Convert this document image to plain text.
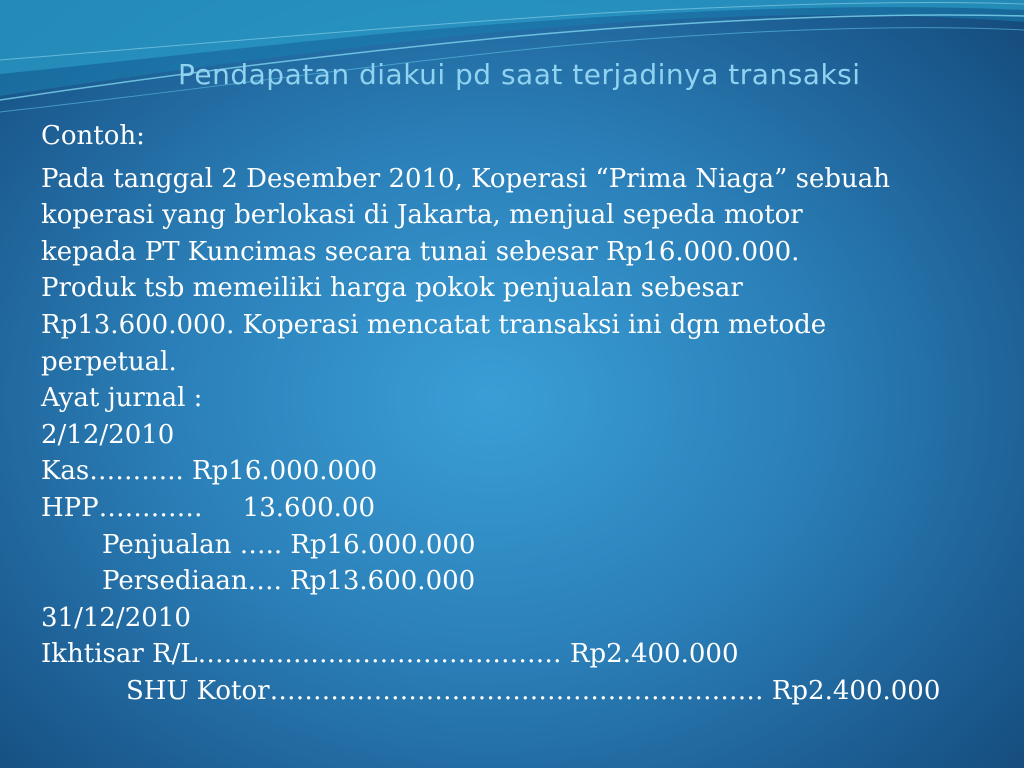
Pendapatan diakui pd saat terjadinya transaksi

Contoh:

Pada tanggal 2 Desember 2010, Koperasi “Prima Niaga” sebuah

koperasi yang berlokasi di Jakarta, menjual sepeda motor

kepada PT Kuncimas secara tunai sebesar Rp16.000.000.

Produk tsb memeiliki harga pokok penjualan sebesar

Rp13.600.000. Koperasi mencatat transaksi ini dgn metode

perpetual.

Ayat jurnal :

2/12/2010

Kas……….. Rp16.000.000

HPP………… 13.600.00

Penjualan ….. Rp16.000.000

Persediaan…. Rp13.600.000

31/12/2010

Ikhtisar R/L…………………………………… Rp2.400.000

SHU Kotor………………………………………………… Rp2.400.000
